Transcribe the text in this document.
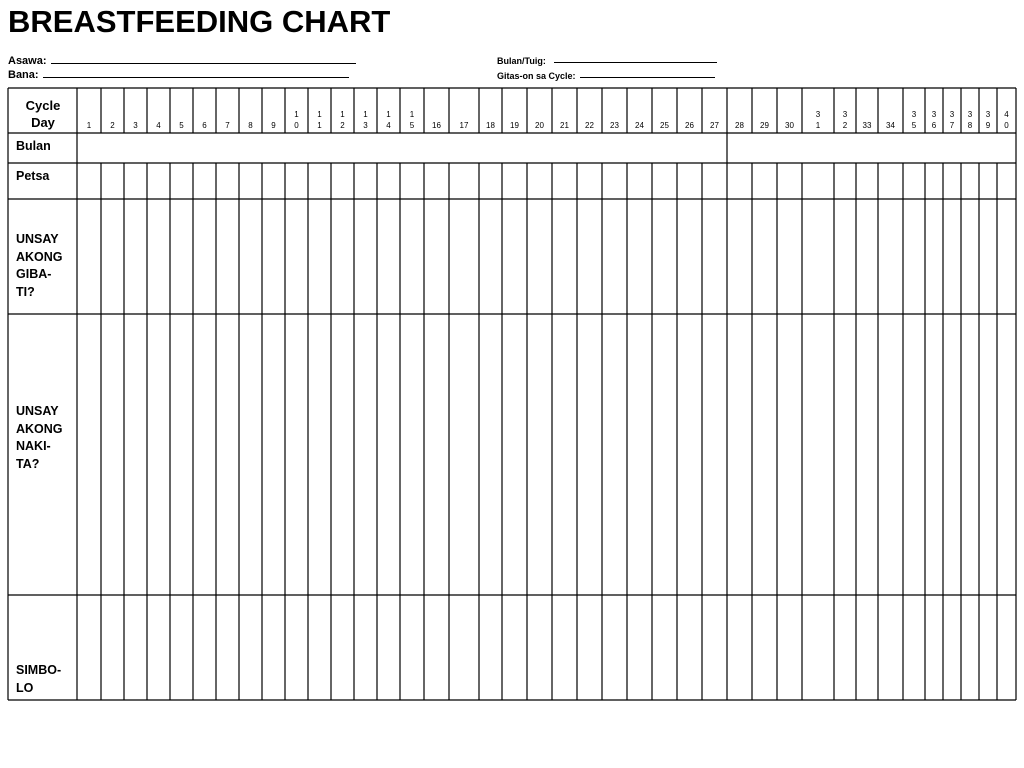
BREASTFEEDING CHART
Asawa:
Bana:
Bulan/Tuig:
Gitas-on sa Cycle:
1 2 3 4 5 6 7 8 9
1
0
1
1
1
2
1
3
1
4
1
5 16 17 18 19 20 21 22 23 24 25 26 27 28 29 30
3
1
3
2 33 34
3
5
3
6
3
7
3
8
3
9
4
0
Cycle
Day
Bulan
Petsa
UNSAY
AKONG
GIBA-
TI?
UNSAY
AKONG
NAKI-
TA?
SIMBO-
LO
